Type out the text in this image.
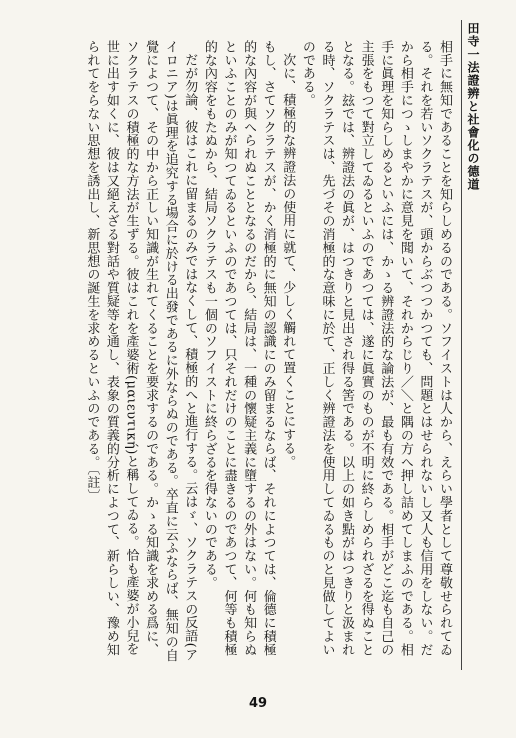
田寺一法證辨と社會化の德道

相手に無知であることを知らしめるのである。ソフイストは人から、えらい學者として尊敬せられてゐる。それを若いソクラテスが、頭からぶつつかつても、問題とはせられないし又人も信用をしない。だから相手につゝしまやかに意見を聞いて、それからじり／＼と隅の方へ押し詰めてしまふのである。相手に眞理を知らしめるといふには、かゝる辨證法的な論法が、最も有效である。相手がどこ迄も自己の主張をもつて對立してゐるといふのであつては、遂に眞實のものが不明に終らしめられざるを得ぬこととなる。玆では、辨證法の眞が、はつきりと見出され得る筈である。以上の如き點がはつきりと汲まれる時、ソクラテスは、先づその消極的な意味に於て、正しく辨證法を使用してゐるものと見做してよいのである。

次に、積極的な辨證法の使用に就て、少しく觸れて置くことにする。

もし、さてソクラテスが、かく消極的に無知の認識にのみ留まるならば、それによつては、倫德に積極的な內容が與へられぬこととなるのだから、結局は、一種の懷疑主義に墮するの外はない。何も知らぬといふことのみが知つてゐるといふのであつては、只それだけのことに盡きるのであつて、何等も積極的な內容をもたぬから、結局ソクラテスも一個のソフイストに終らざるを得ないのである。

だが勿論、彼はこれに留まるのみではなくして、積極的へと進行する。云はゞ、ソクラテスの反語(アイロニア)は眞理を追究する場合に於ける出發であるに外ならぬのである。卒直に云ふならば、無知の自覺によつて、その中から正しい知識が生れてくることを要求するのである。かゝる知識を求める爲に、ソクラテスの積極的な方法が生ずる。彼はこれを產婆術(μαιευτική)と稱してゐる。恰も產婆が小兒を世に出す如くに、彼は又絕えざる對話や質疑等を通し、表象の質義的分析によつて、新らしい、豫め知られてをらない思想を誘出し、新思想の誕生を求めるといふのである。〔註〕

49
